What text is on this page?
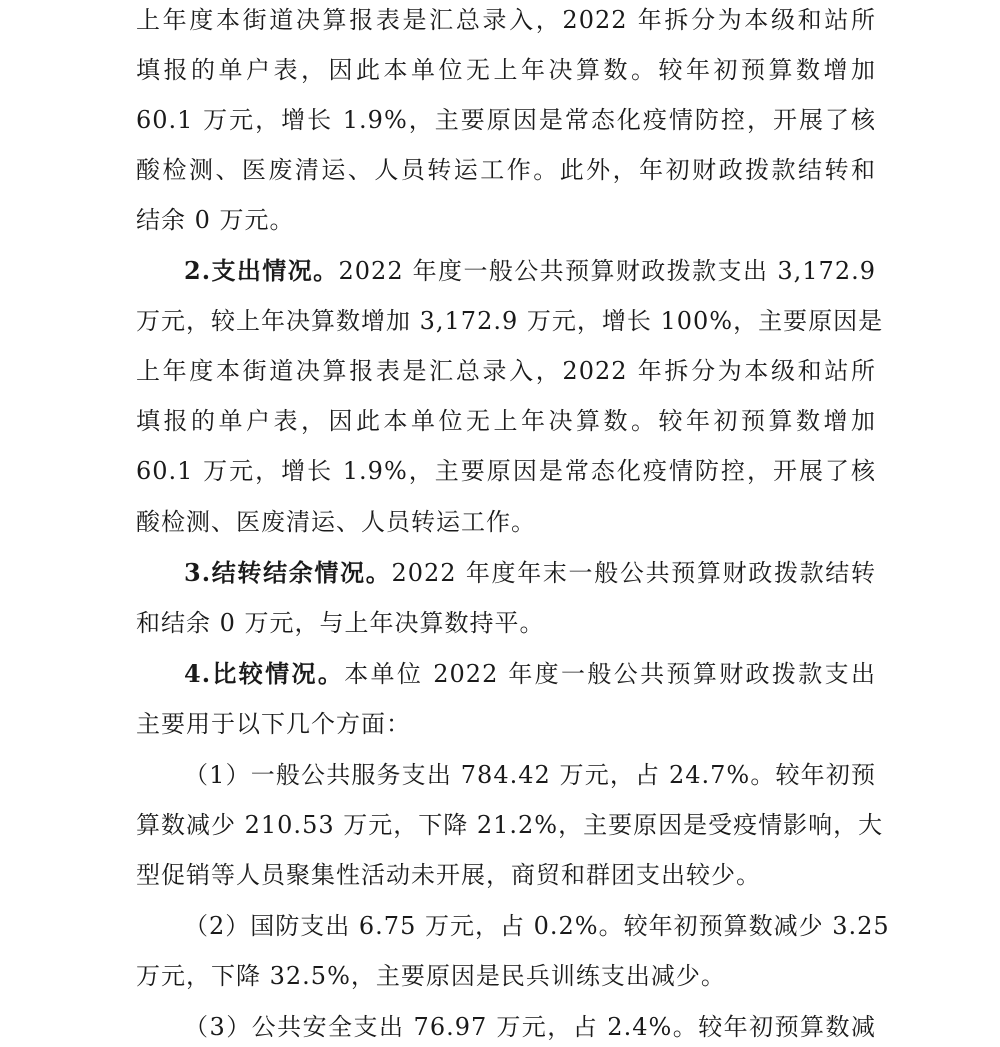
上年度本街道决算报表是汇总录入，2022 年拆分为本级和站所
填报的单户表，因此本单位无上年决算数。较年初预算数增加
60.1 万元，增长 1.9%，主要原因是常态化疫情防控，开展了核
酸检测、医废清运、人员转运工作。此外，年初财政拨款结转和
结余 0 万元。
2.支出情况。2022 年度一般公共预算财政拨款支出 3,172.9
万元，较上年决算数增加 3,172.9 万元，增长 100%，主要原因是
上年度本街道决算报表是汇总录入，2022 年拆分为本级和站所
填报的单户表，因此本单位无上年决算数。较年初预算数增加
60.1 万元，增长 1.9%，主要原因是常态化疫情防控，开展了核
酸检测、医废清运、人员转运工作。
3.结转结余情况。2022 年度年末一般公共预算财政拨款结转
和结余 0 万元，与上年决算数持平。
4.比较情况。本单位 2022 年度一般公共预算财政拨款支出
主要用于以下几个方面：
（1）一般公共服务支出 784.42 万元，占 24.7%。较年初预
算数减少 210.53 万元，下降 21.2%，主要原因是受疫情影响，大
型促销等人员聚集性活动未开展，商贸和群团支出较少。
（2）国防支出 6.75 万元，占 0.2%。较年初预算数减少 3.25
万元，下降 32.5%，主要原因是民兵训练支出减少。
（3）公共安全支出 76.97 万元，占 2.4%。较年初预算数减
